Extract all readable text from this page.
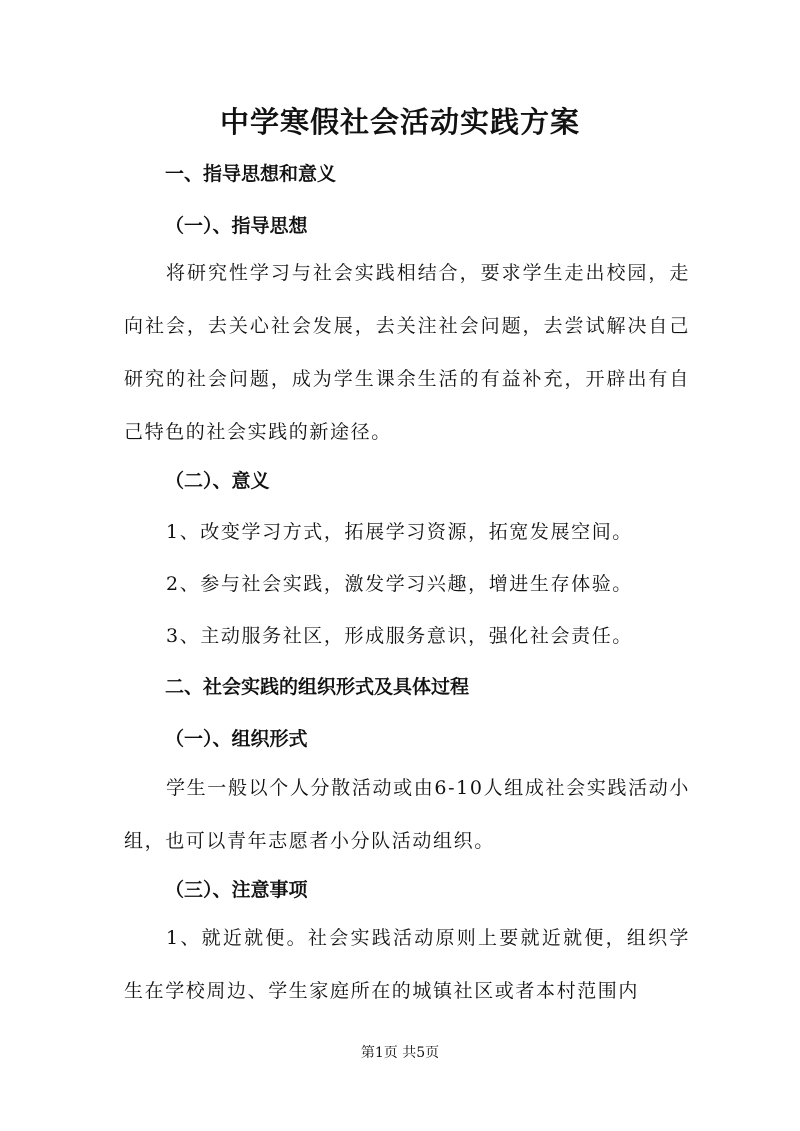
中学寒假社会活动实践方案
一、指导思想和意义
（一）、指导思想

将研究性学习与社会实践相结合，要求学生走出校园，走向社会，去关心社会发展，去关注社会问题，去尝试解决自己研究的社会问题，成为学生课余生活的有益补充，开辟出有自己特色的社会实践的新途径。

（二）、意义

1、改变学习方式，拓展学习资源，拓宽发展空间。

2、参与社会实践，激发学习兴趣，增进生存体验。

3、主动服务社区，形成服务意识，强化社会责任。

二、社会实践的组织形式及具体过程
（一）、组织形式

学生一般以个人分散活动或由6-10人组成社会实践活动小组，也可以青年志愿者小分队活动组织。

（三）、注意事项

1、就近就便。社会实践活动原则上要就近就便，组织学生在学校周边、学生家庭所在的城镇社区或者本村范围内

第1页 共5页
